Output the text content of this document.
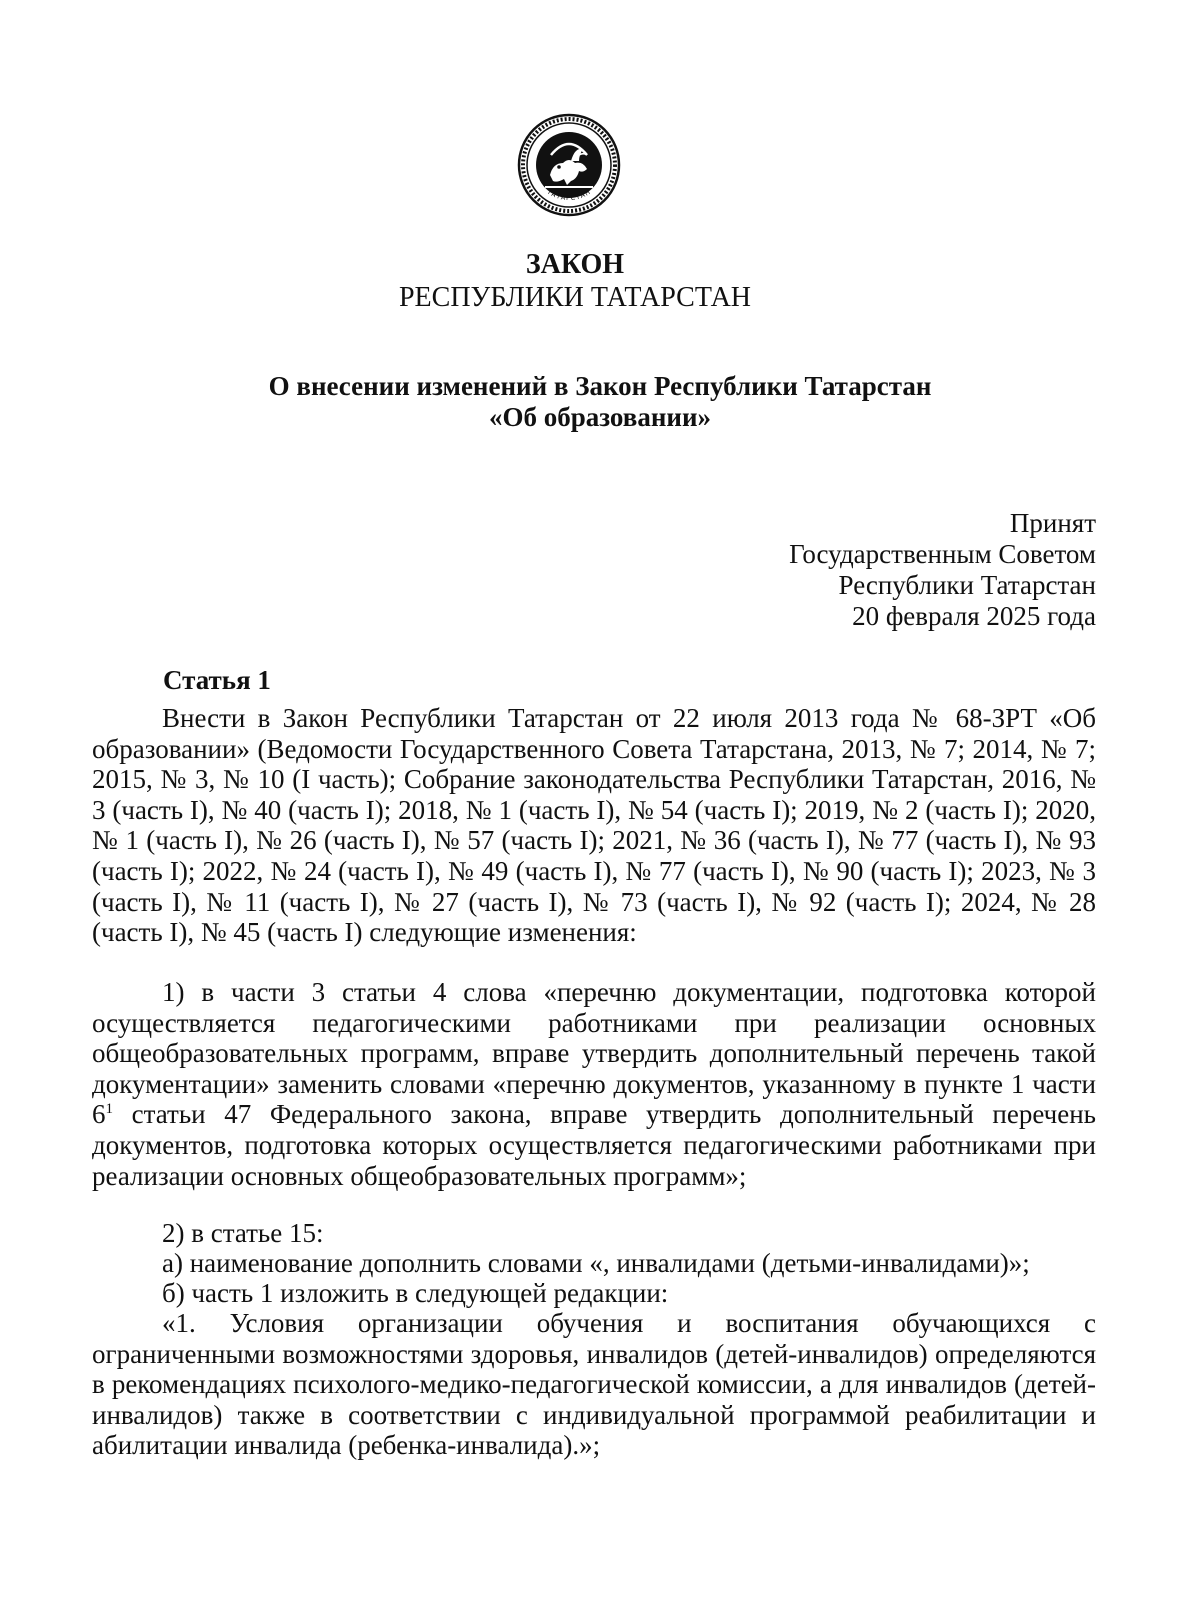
ТАТАРСТАН
ЗАКОН
РЕСПУБЛИКИ ТАТАРСТАН
О внесении изменений в Закон Республики Татарстан
«Об образовании»
Принят
Государственным Советом
Республики Татарстан
20 февраля 2025 года
Статья 1

Внести в Закон Республики Татарстан от 22 июля 2013 года № 68-ЗРТ «Об образовании» (Ведомости Государственного Совета Татарстана, 2013, № 7; 2014, № 7; 2015, № 3, № 10 (I часть); Собрание законодательства Республики Татарстан, 2016, № 3 (часть I), № 40 (часть I); 2018, № 1 (часть I), № 54 (часть I); 2019, № 2 (часть I); 2020, № 1 (часть I), № 26 (часть I), № 57 (часть I); 2021, № 36 (часть I), № 77 (часть I), № 93 (часть I); 2022, № 24 (часть I), № 49 (часть I), № 77 (часть I), № 90 (часть I); 2023, № 3 (часть I), № 11 (часть I), № 27 (часть I), № 73 (часть I), № 92 (часть I); 2024, № 28 (часть I), № 45 (часть I) следующие изменения:

1) в части 3 статьи 4 слова «перечню документации, подготовка которой осуществляется педагогическими работниками при реализации основных общеобразовательных программ, вправе утвердить дополнительный перечень такой документации» заменить словами «перечню документов, указанному в пункте 1 части $6^1$ статьи 47 Федерального закона, вправе утвердить дополнительный перечень документов, подготовка которых осуществляется педагогическими работниками при реализации основных общеобразовательных программ»;

2) в статье 15:

а) наименование дополнить словами «, инвалидами (детьми-инвалидами)»;

б) часть 1 изложить в следующей редакции:

«1. Условия организации обучения и воспитания обучающихся с ограниченными возможностями здоровья, инвалидов (детей-инвалидов) определяются в рекомендациях психолого-медико-педагогической комиссии, а для инвалидов (детей-инвалидов) также в соответствии с индивидуальной программой реабилитации и абилитации инвалида (ребенка-инвалида).»;
